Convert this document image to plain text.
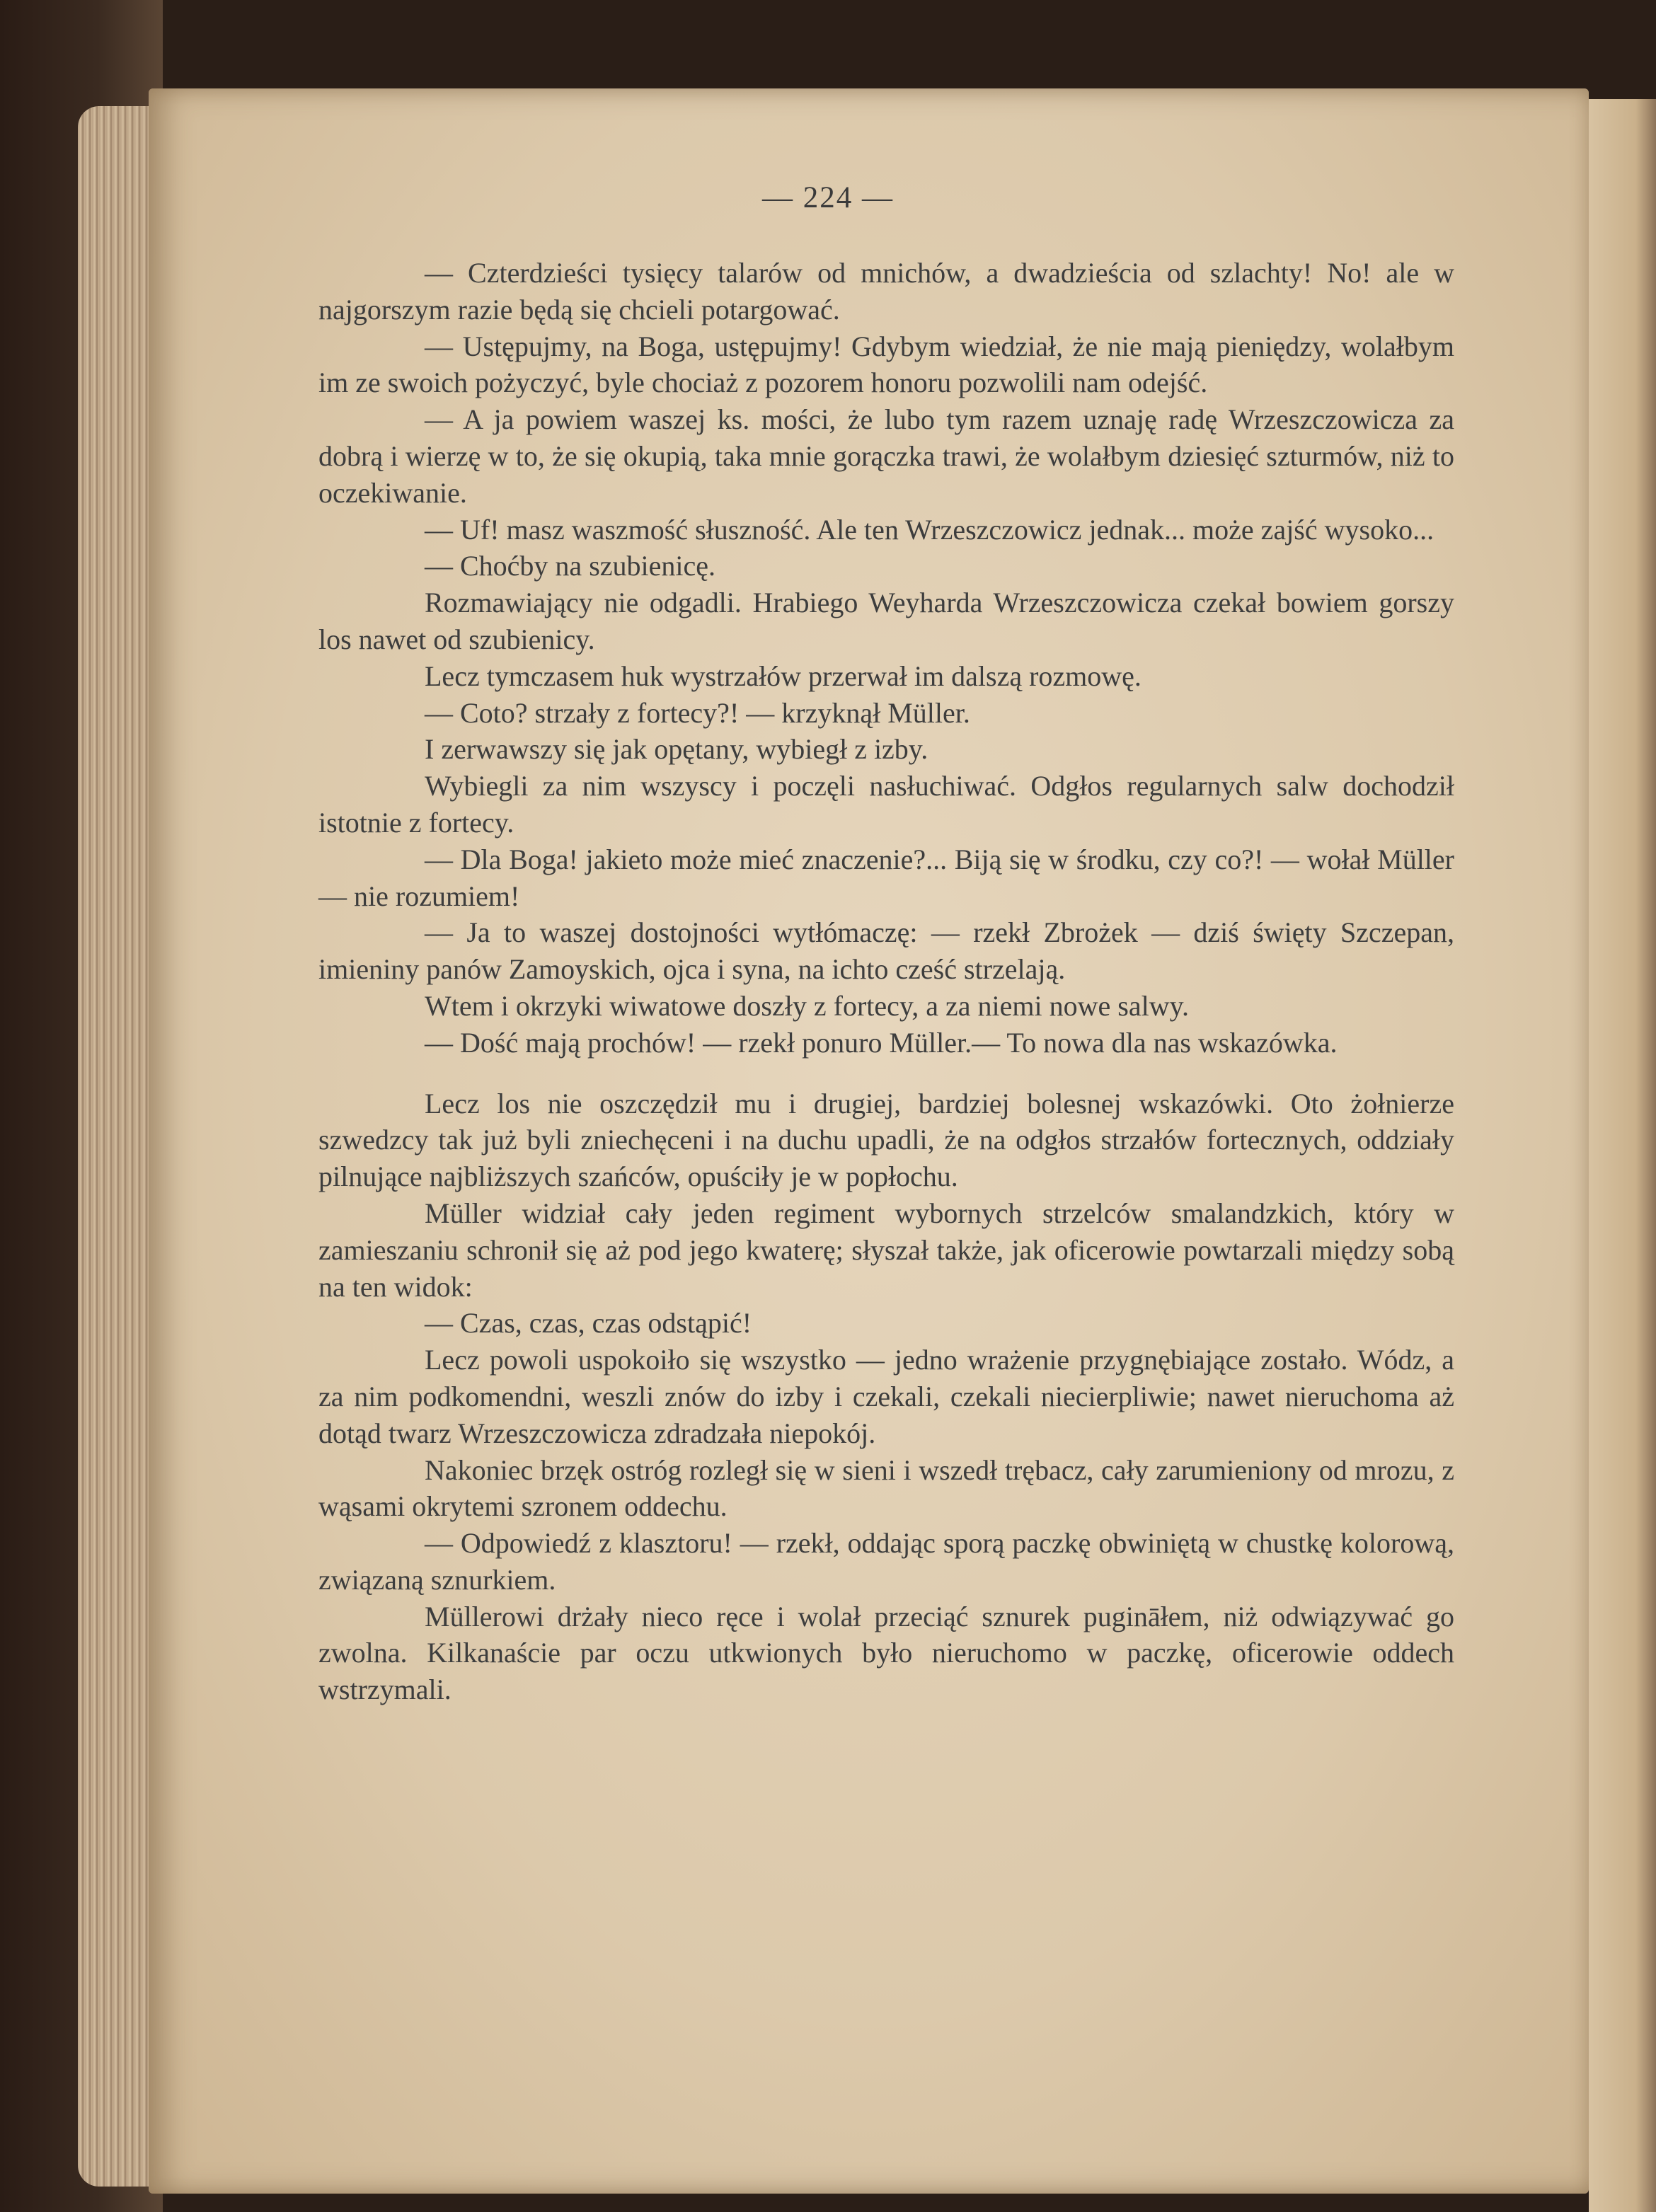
— 224 —

— Czterdzieści tysięcy talarów od mnichów, a dwadzieścia od szlachty! No! ale w najgorszym razie będą się chcieli potargować.

— Ustępujmy, na Boga, ustępujmy! Gdybym wiedział, że nie mają pieniędzy, wolałbym im ze swoich pożyczyć, byle chociaż z pozorem honoru pozwolili nam odejść.

— A ja powiem waszej ks. mości, że lubo tym razem uznaję radę Wrzeszczowicza za dobrą i wierzę w to, że się okupią, taka mnie gorączka trawi, że wolałbym dziesięć szturmów, niż to oczekiwanie.

— Uf! masz waszmość słuszność. Ale ten Wrzeszczowicz jednak... może zajść wysoko...

— Choćby na szubienicę.

Rozmawiający nie odgadli. Hrabiego Weyharda Wrzeszczowicza czekał bowiem gorszy los nawet od szubienicy.

Lecz tymczasem huk wystrzałów przerwał im dalszą rozmowę.

— Coto? strzały z fortecy?! — krzyknął Müller.

I zerwawszy się jak opętany, wybiegł z izby.

Wybiegli za nim wszyscy i poczęli nasłuchiwać. Odgłos regularnych salw dochodził istotnie z fortecy.

— Dla Boga! jakieto może mieć znaczenie?... Biją się w środku, czy co?! — wołał Müller — nie rozumiem!

— Ja to waszej dostojności wytłómaczę: — rzekł Zbrożek — dziś święty Szczepan, imieniny panów Zamoyskich, ojca i syna, na ichto cześć strzelają.

Wtem i okrzyki wiwatowe doszły z fortecy, a za niemi nowe salwy.

— Dość mają prochów! — rzekł ponuro Müller.— To nowa dla nas wskazówka.

Lecz los nie oszczędził mu i drugiej, bardziej bolesnej wskazówki. Oto żołnierze szwedzcy tak już byli zniechęceni i na duchu upadli, że na odgłos strzałów fortecznych, oddziały pilnujące najbliższych szańców, opuściły je w popłochu.

Müller widział cały jeden regiment wybornych strzelców smalandzkich, który w zamieszaniu schronił się aż pod jego kwaterę; słyszał także, jak oficerowie powtarzali między sobą na ten widok:

— Czas, czas, czas odstąpić!

Lecz powoli uspokoiło się wszystko — jedno wrażenie przygnębiające zostało. Wódz, a za nim podkomendni, weszli znów do izby i czekali, czekali niecierpliwie; nawet nieruchoma aż dotąd twarz Wrzeszczowicza zdradzała niepokój.

Nakoniec brzęk ostróg rozległ się w sieni i wszedł trębacz, cały zarumieniony od mrozu, z wąsami okrytemi szronem oddechu.

— Odpowiedź z klasztoru! — rzekł, oddając sporą paczkę obwiniętą w chustkę kolorową, związaną sznurkiem.

Müllerowi drżały nieco ręce i wolał przeciąć sznurek pugināłem, niż odwiązywać go zwolna. Kilkanaście par oczu utkwionych było nieruchomo w paczkę, oficerowie oddech wstrzymali.
